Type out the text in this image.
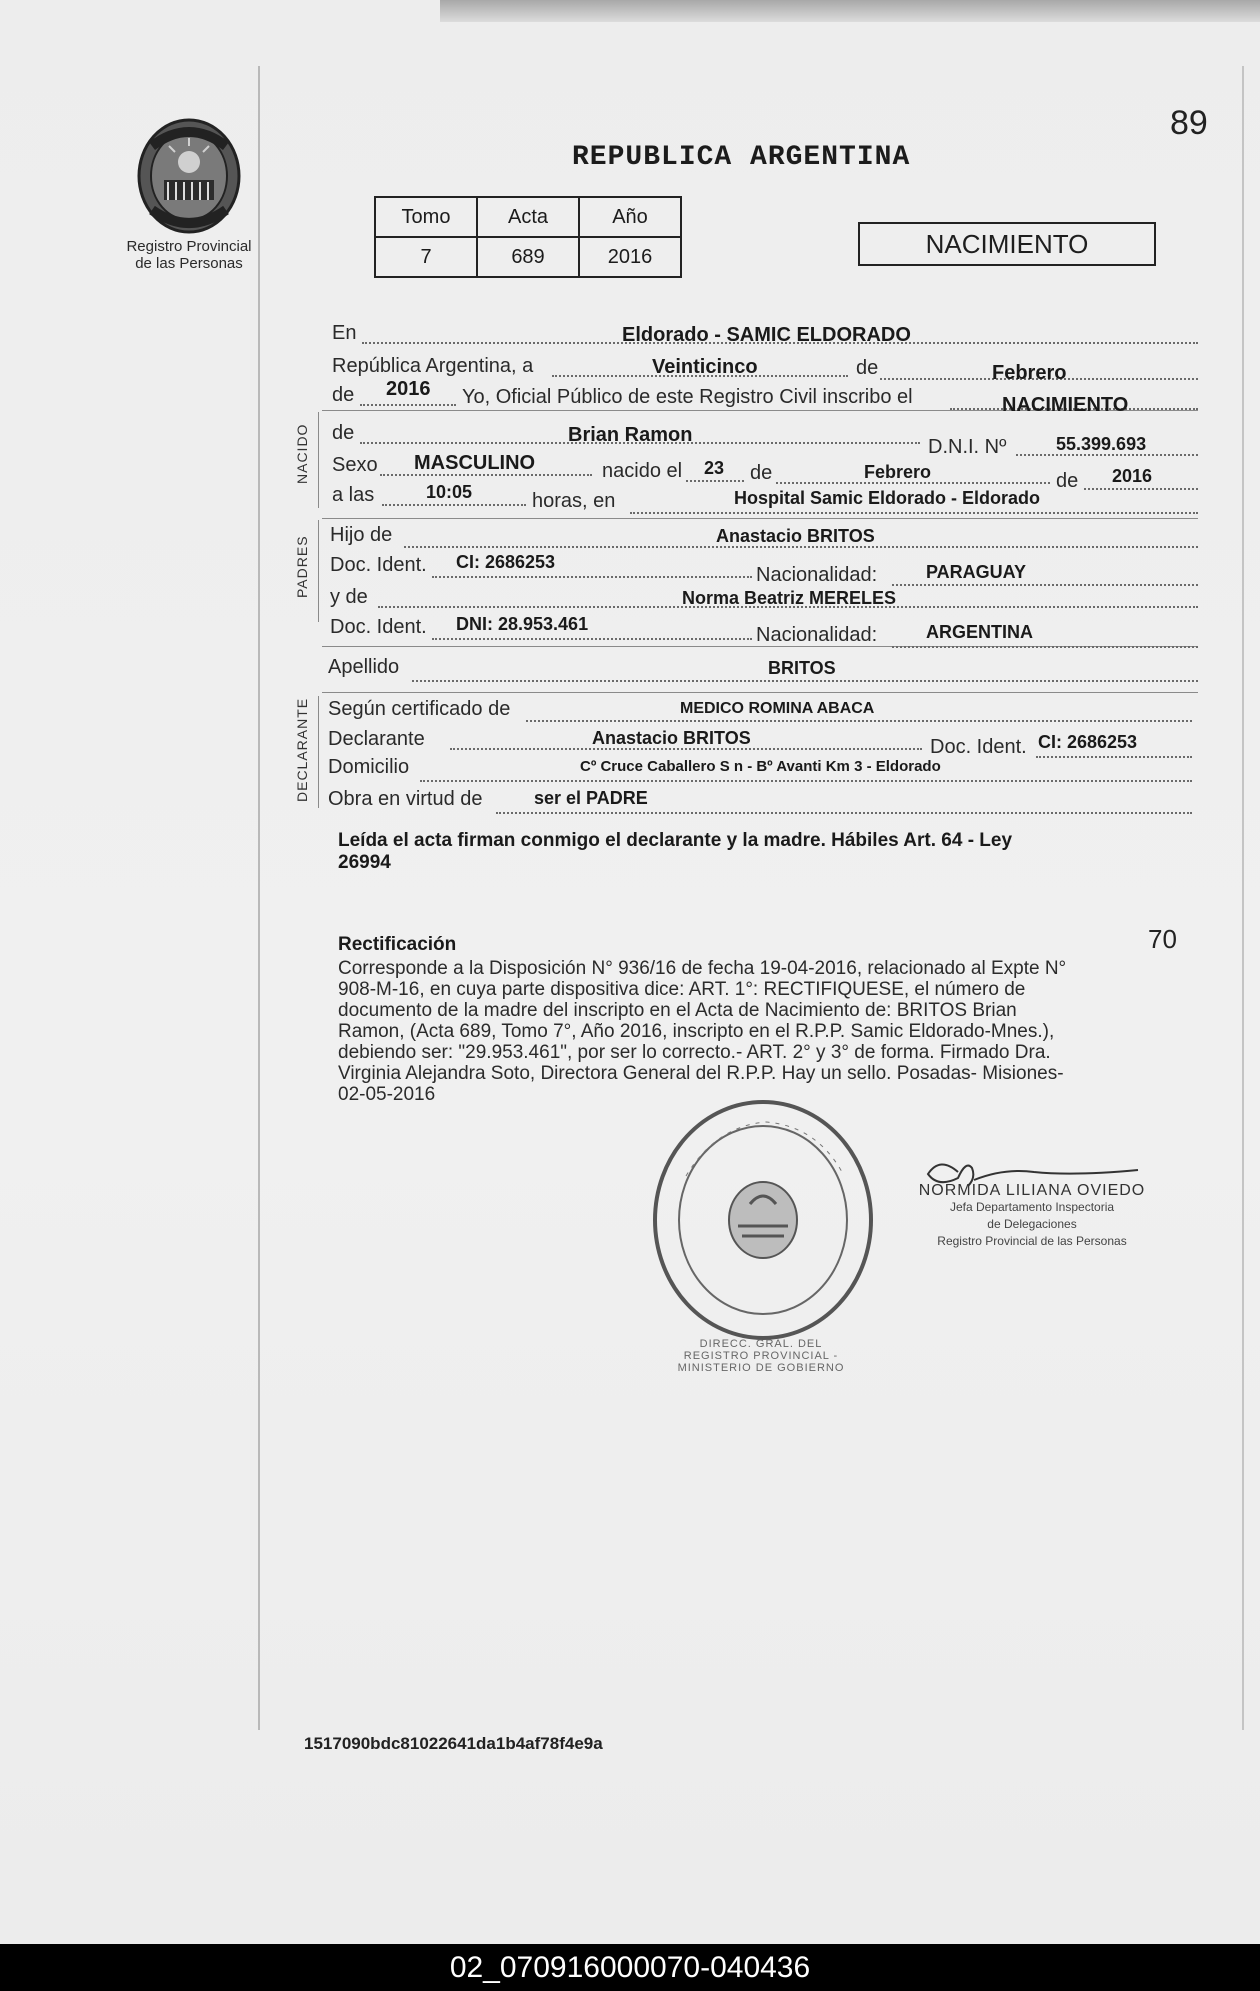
Registro Provincial
de las Personas
89
REPUBLICA ARGENTINA
Tomo	Acta	Año
7	689	2016	NACIMIENTO
NACIDO
PADRES
DECLARANTE
En	Eldorado - SAMIC ELDORADO
República Argentina, a	Veinticinco	de	Febrero
de 2016 Yo, Oficial Público de este Registro Civil inscribo el	NACIMIENTO
de	Brian Ramon
D.N.I. Nº	55.399.693
Sexo MASCULINO	nacido el 23 de	Febrero	de 2016
a las	10:05	horas, en	Hospital Samic Eldorado - Eldorado
Hijo de	Anastacio BRITOS
Doc. Ident. CI: 2686253
Nacionalidad:	PARAGUAY
y de	Norma Beatriz MERELES
Doc. Ident. DNI: 28.953.461	Nacionalidad:	ARGENTINA
Apellido	BRITOS
Según certificado de	MEDICO ROMINA ABACA
Declarante	Anastacio BRITOS	Doc. Ident. CI: 2686253
Domicilio	Cº Cruce Caballero S n - Bº Avanti Km 3 - Eldorado
Obra en virtud de	ser el PADRE
Leída el acta firman conmigo el declarante y la madre. Hábiles Art. 64 - Ley
26994
Rectificación	70
Corresponde a la Disposición N° 936/16 de fecha 19-04-2016, relacionado al Expte N°
908-M-16, en cuya parte dispositiva dice: ART. 1°: RECTIFIQUESE, el número de
documento de la madre del inscripto en el Acta de Nacimiento de: BRITOS Brian
Ramon, (Acta 689, Tomo 7°, Año 2016, inscripto en el R.P.P. Samic Eldorado-Mnes.),
debiendo ser: "29.953.461", por ser lo correcto.- ART. 2° y 3° de forma. Firmado Dra.
Virginia Alejandra Soto, Directora General del R.P.P. Hay un sello. Posadas- Misiones-
02-05-2016
DIRECC. GRAL. DEL REGISTRO PROVINCIAL - MINISTERIO DE GOBIERNO
NORMIDA LILIANA OVIEDO
Jefa Departamento Inspectoria
de Delegaciones
Registro Provincial de las Personas
1517090bdc81022641da1b4af78f4e9a
02_070916000070-040436
